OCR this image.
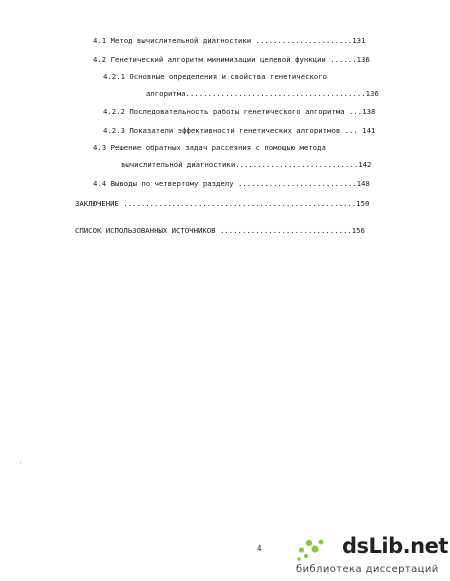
4.1 Метод вычислительной диагностики ......................131
4.2 Генетический алгоритм минимизации целевой функции ......136
4.2.1 Основные определения и свойства генетического
алгоритма.........................................136
4.2.2 Последовательность работы генетического алгоритма ...138
4.2.3 Показатели эффективности генетических алгоритмов ... 141
4.3 Решение обратных задач рассеяния с помощью метода
вычислительной диагностики............................142
4.4 Выводы по четвертому разделу ...........................148
ЗАКЛЮЧЕНИЕ .....................................................150
СПИСОК ИСПОЛЬЗОВАННЫХ ИСТОЧНИКОВ ..............................156
4	dsLib.net
библиотека диссертаций
